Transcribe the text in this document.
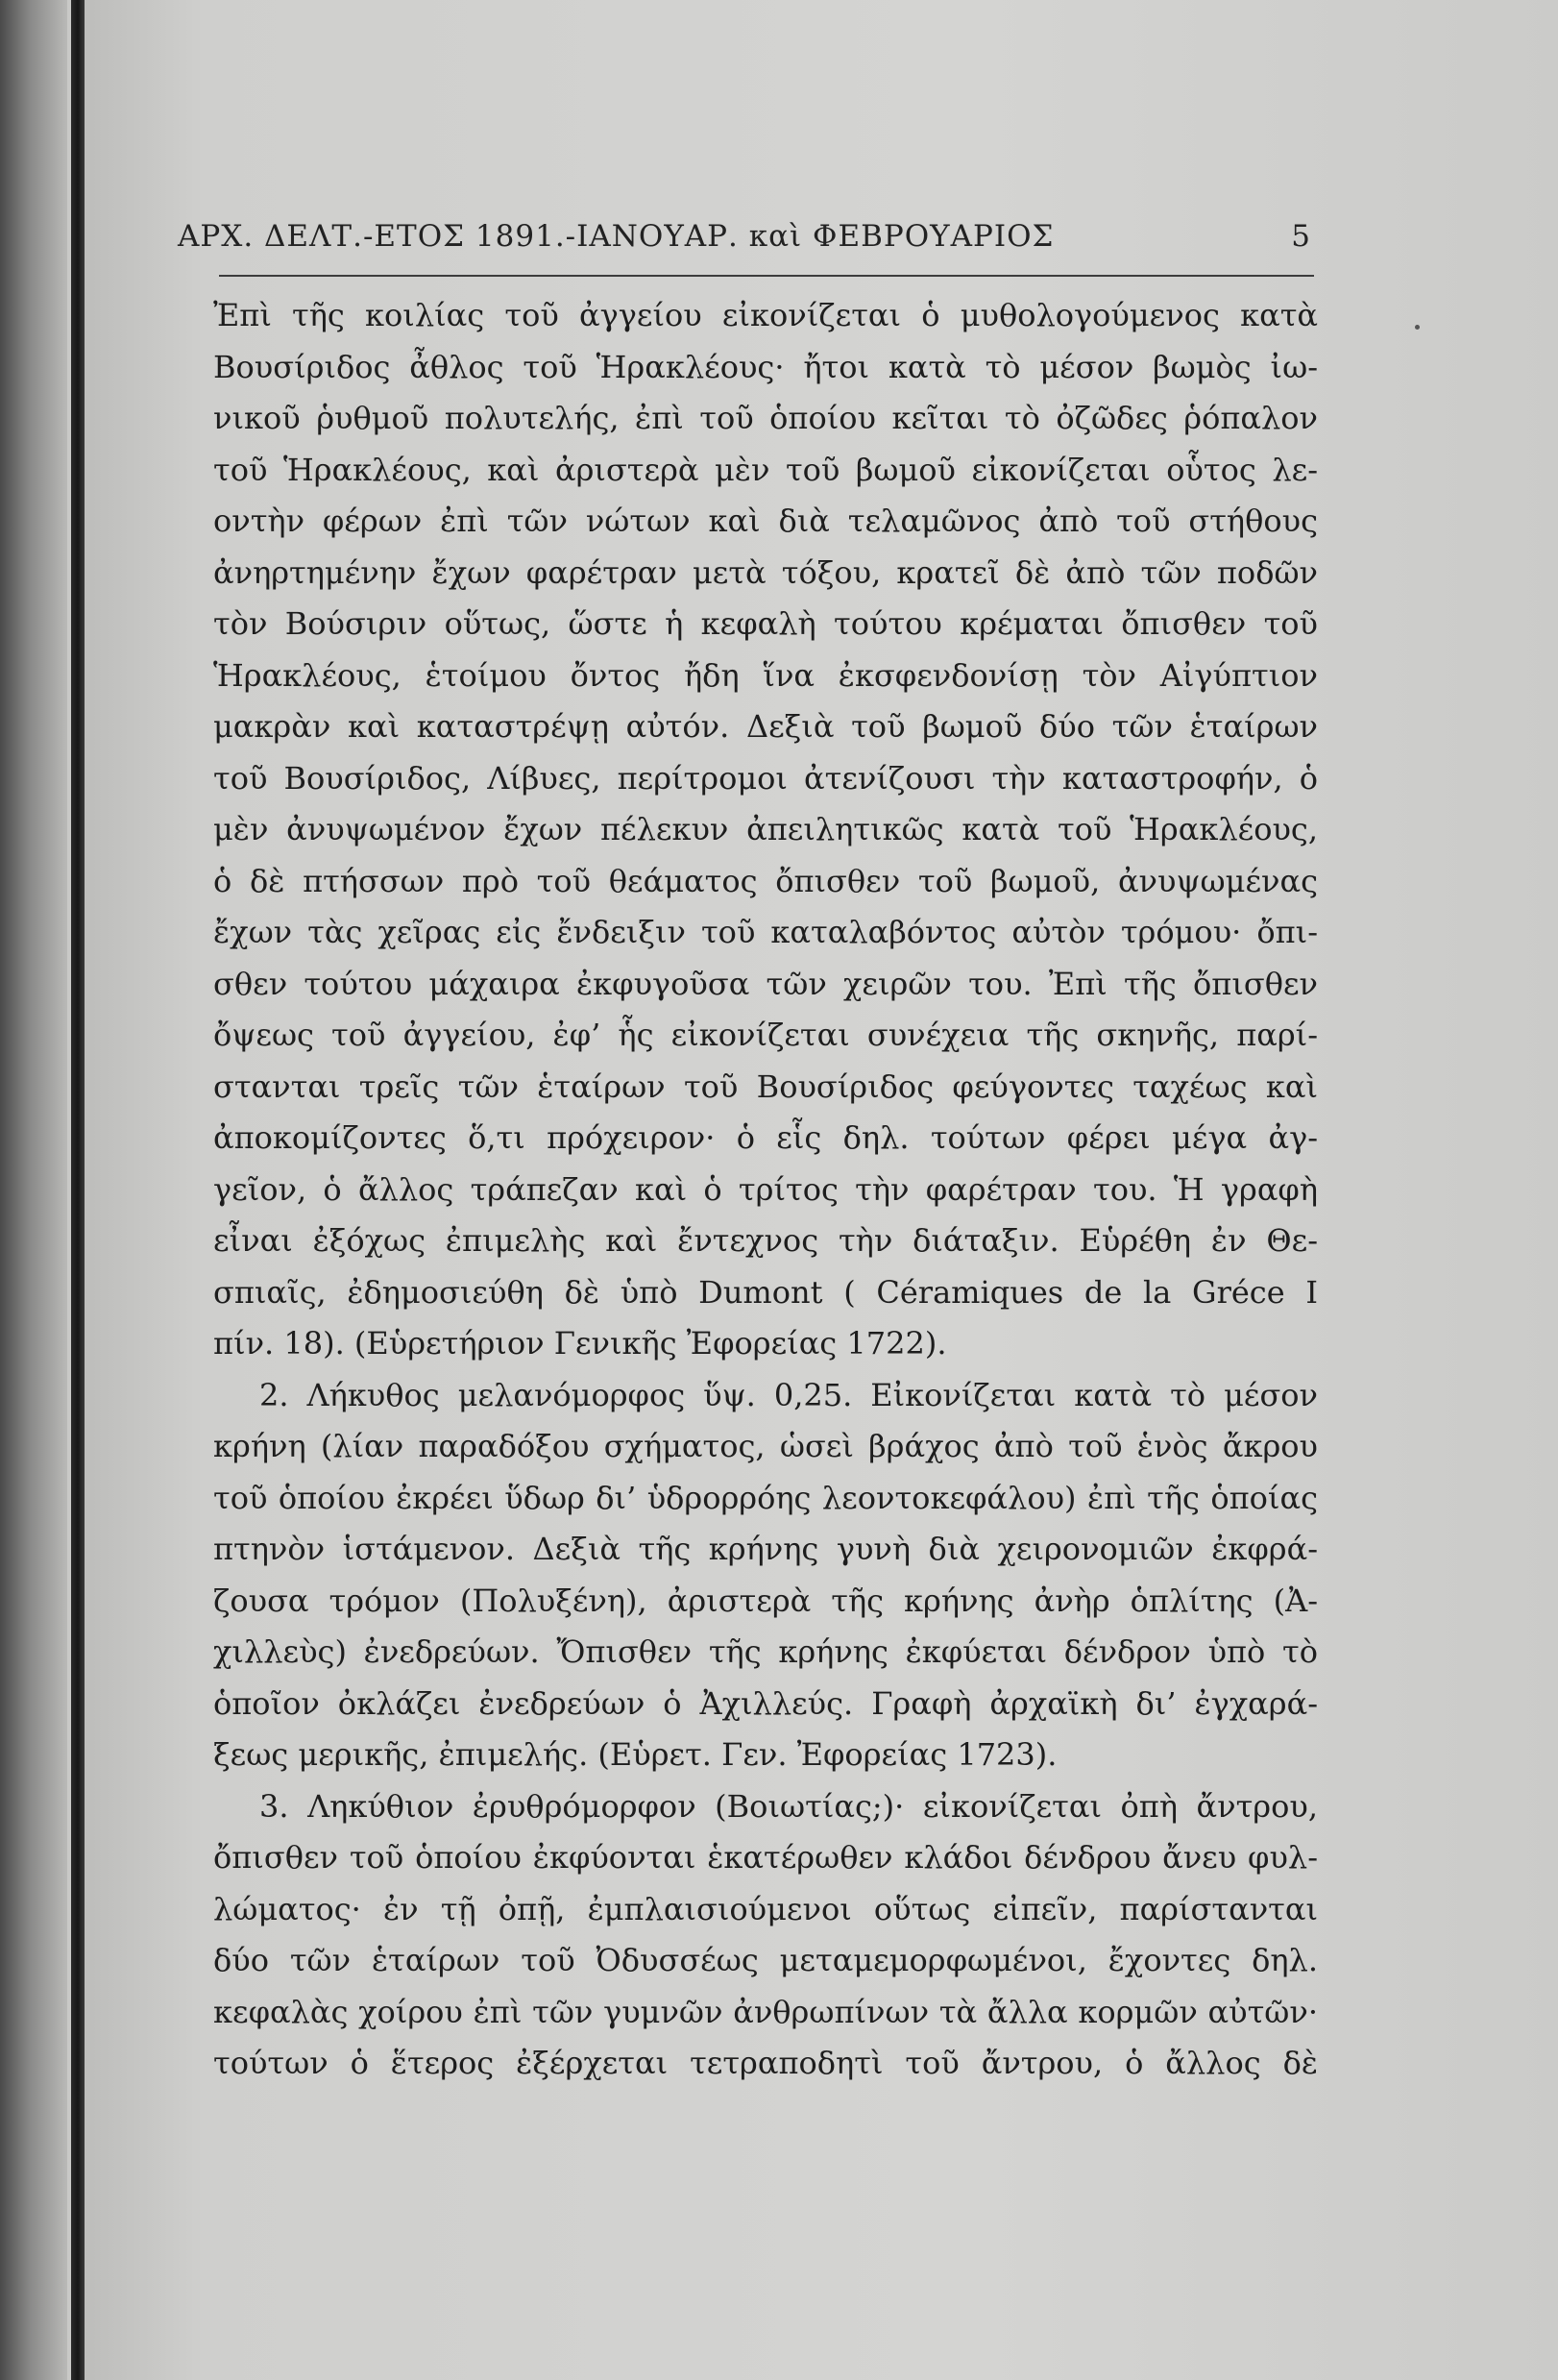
ΑΡΧ. ΔΕΛΤ.-ΕΤΟΣ 1891.-ΙΑΝΟΥΑΡ. καὶ ΦΕΒΡΟΥΑΡΙΟΣ	5
Ἐπὶ τῆς κοιλίας τοῦ ἀγγείου εἰκονίζεται ὁ μυθολογούμενος κατὰ
Βουσίριδος ἆθλος τοῦ Ἡρακλέους· ἤτοι κατὰ τὸ μέσον βωμὸς ἰω-
νικοῦ ῥυθμοῦ πολυτελής, ἐπὶ τοῦ ὁποίου κεῖται τὸ ὀζῶδες ῥόπαλον
τοῦ Ἡρακλέους, καὶ ἀριστερὰ μὲν τοῦ βωμοῦ εἰκονίζεται οὗτος λε-
οντὴν φέρων ἐπὶ τῶν νώτων καὶ διὰ τελαμῶνος ἀπὸ τοῦ στήθους
ἀνηρτημένην ἔχων φαρέτραν μετὰ τόξου, κρατεῖ δὲ ἀπὸ τῶν ποδῶν
τὸν Βούσιριν οὕτως, ὥστε ἡ κεφαλὴ τούτου κρέμαται ὄπισθεν τοῦ
Ἡρακλέους, ἑτοίμου ὄντος ἤδη ἵνα ἐκσφενδονίσῃ τὸν Αἰγύπτιον
μακρὰν καὶ καταστρέψῃ αὐτόν. Δεξιὰ τοῦ βωμοῦ δύο τῶν ἑταίρων
τοῦ Βουσίριδος, Λίβυες, περίτρομοι ἀτενίζουσι τὴν καταστροφήν, ὁ
μὲν ἀνυψωμένον ἔχων πέλεκυν ἀπειλητικῶς κατὰ τοῦ Ἡρακλέους,
ὁ δὲ πτήσσων πρὸ τοῦ θεάματος ὄπισθεν τοῦ βωμοῦ, ἀνυψωμένας
ἔχων τὰς χεῖρας εἰς ἔνδειξιν τοῦ καταλαβόντος αὐτὸν τρόμου· ὄπι-
σθεν τούτου μάχαιρα ἐκφυγοῦσα τῶν χειρῶν του. Ἐπὶ τῆς ὄπισθεν
ὄψεως τοῦ ἀγγείου, ἐφ’ ἧς εἰκονίζεται συνέχεια τῆς σκηνῆς, παρί-
στανται τρεῖς τῶν ἑταίρων τοῦ Βουσίριδος φεύγοντες ταχέως καὶ
ἀποκομίζοντες ὅ,τι πρόχειρον· ὁ εἷς δηλ. τούτων φέρει μέγα ἀγ-
γεῖον, ὁ ἄλλος τράπεζαν καὶ ὁ τρίτος τὴν φαρέτραν του. Ἡ γραφὴ
εἶναι ἐξόχως ἐπιμελὴς καὶ ἔντεχνος τὴν διάταξιν. Εὑρέθη ἐν Θε-
σπιαῖς, ἐδημοσιεύθη δὲ ὑπὸ Dumont ( Céramiques de la Gréce I
πίν. 18). (Εὑρετήριον Γενικῆς Ἐφορείας 1722).
2. Λήκυθος μελανόμορφος ὕψ. 0,25. Εἰκονίζεται κατὰ τὸ μέσον
κρήνη (λίαν παραδόξου σχήματος, ὡσεὶ βράχος ἀπὸ τοῦ ἑνὸς ἄκρου
τοῦ ὁποίου ἐκρέει ὕδωρ δι’ ὑδρορρόης λεοντοκεφάλου) ἐπὶ τῆς ὁποίας
πτηνὸν ἱστάμενον. Δεξιὰ τῆς κρήνης γυνὴ διὰ χειρονομιῶν ἐκφρά-
ζουσα τρόμον (Πολυξένη), ἀριστερὰ τῆς κρήνης ἀνὴρ ὁπλίτης (Ἀ-
χιλλεὺς) ἐνεδρεύων. Ὄπισθεν τῆς κρήνης ἐκφύεται δένδρον ὑπὸ τὸ
ὁποῖον ὀκλάζει ἐνεδρεύων ὁ Ἀχιλλεύς. Γραφὴ ἀρχαϊκὴ δι’ ἐγχαρά-
ξεως μερικῆς, ἐπιμελής. (Εὑρετ. Γεν. Ἐφορείας 1723).
3. Ληκύθιον ἐρυθρόμορφον (Βοιωτίας;)· εἰκονίζεται ὀπὴ ἄντρου,
ὄπισθεν τοῦ ὁποίου ἐκφύονται ἑκατέρωθεν κλάδοι δένδρου ἄνευ φυλ-
λώματος· ἐν τῇ ὀπῇ, ἐμπλαισιούμενοι οὕτως εἰπεῖν, παρίστανται
δύο τῶν ἑταίρων τοῦ Ὀδυσσέως μεταμεμορφωμένοι, ἔχοντες δηλ.
κεφαλὰς χοίρου ἐπὶ τῶν γυμνῶν ἀνθρωπίνων τὰ ἄλλα κορμῶν αὐτῶν·
τούτων ὁ ἕτερος ἐξέρχεται τετραποδητὶ τοῦ ἄντρου, ὁ ἄλλος δὲ
